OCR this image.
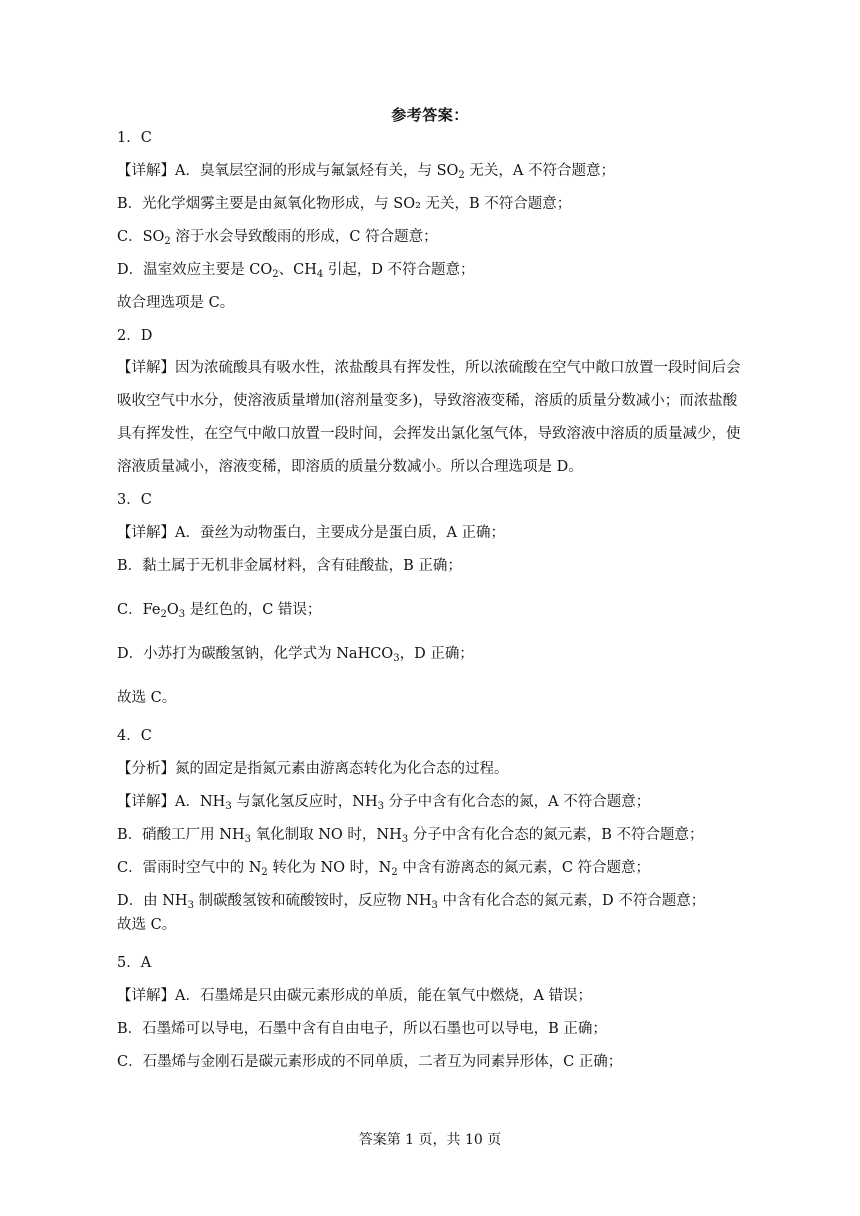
参考答案：
1．C
【详解】A．臭氧层空洞的形成与氟氯烃有关，与 $SO_2$ 无关，A 不符合题意；
B．光化学烟雾主要是由氮氧化物形成，与 SO₂ 无关，B 不符合题意；
C．$SO_2$ 溶于水会导致酸雨的形成，C 符合题意；
D．温室效应主要是 $CO_2$、$CH_4$ 引起，D 不符合题意；
故合理选项是 C。
2．D
【详解】因为浓硫酸具有吸水性，浓盐酸具有挥发性，所以浓硫酸在空气中敞口放置一段时间后会吸收空气中水分，使溶液质量增加(溶剂量变多)，导致溶液变稀，溶质的质量分数减小；而浓盐酸具有挥发性，在空气中敞口放置一段时间，会挥发出氯化氢气体，导致溶液中溶质的质量减少，使溶液质量减小，溶液变稀，即溶质的质量分数减小。所以合理选项是 D。
3．C
【详解】A．蚕丝为动物蛋白，主要成分是蛋白质，A 正确；
B．黏土属于无机非金属材料，含有硅酸盐，B 正确；
C．$Fe_2O_3$ 是红色的，C 错误；
D．小苏打为碳酸氢钠，化学式为 NaHCO$_3$，D 正确；
故选 C。
4．C
【分析】氮的固定是指氮元素由游离态转化为化合态的过程。
【详解】A．$NH_3$ 与氯化氢反应时，$NH_3$ 分子中含有化合态的氮，A 不符合题意；
B．硝酸工厂用 $NH_3$ 氧化制取 NO 时，$NH_3$ 分子中含有化合态的氮元素，B 不符合题意；
C．雷雨时空气中的 $N_2$ 转化为 NO 时，$N_2$ 中含有游离态的氮元素，C 符合题意；
D．由 $NH_3$ 制碳酸氢铵和硫酸铵时，反应物 $NH_3$ 中含有化合态的氮元素，D 不符合题意；
故选 C。
5．A
【详解】A．石墨烯是只由碳元素形成的单质，能在氧气中燃烧，A 错误；
B．石墨烯可以导电，石墨中含有自由电子，所以石墨也可以导电，B 正确；
C．石墨烯与金刚石是碳元素形成的不同单质，二者互为同素异形体，C 正确；
答案第 1 页，共 10 页
